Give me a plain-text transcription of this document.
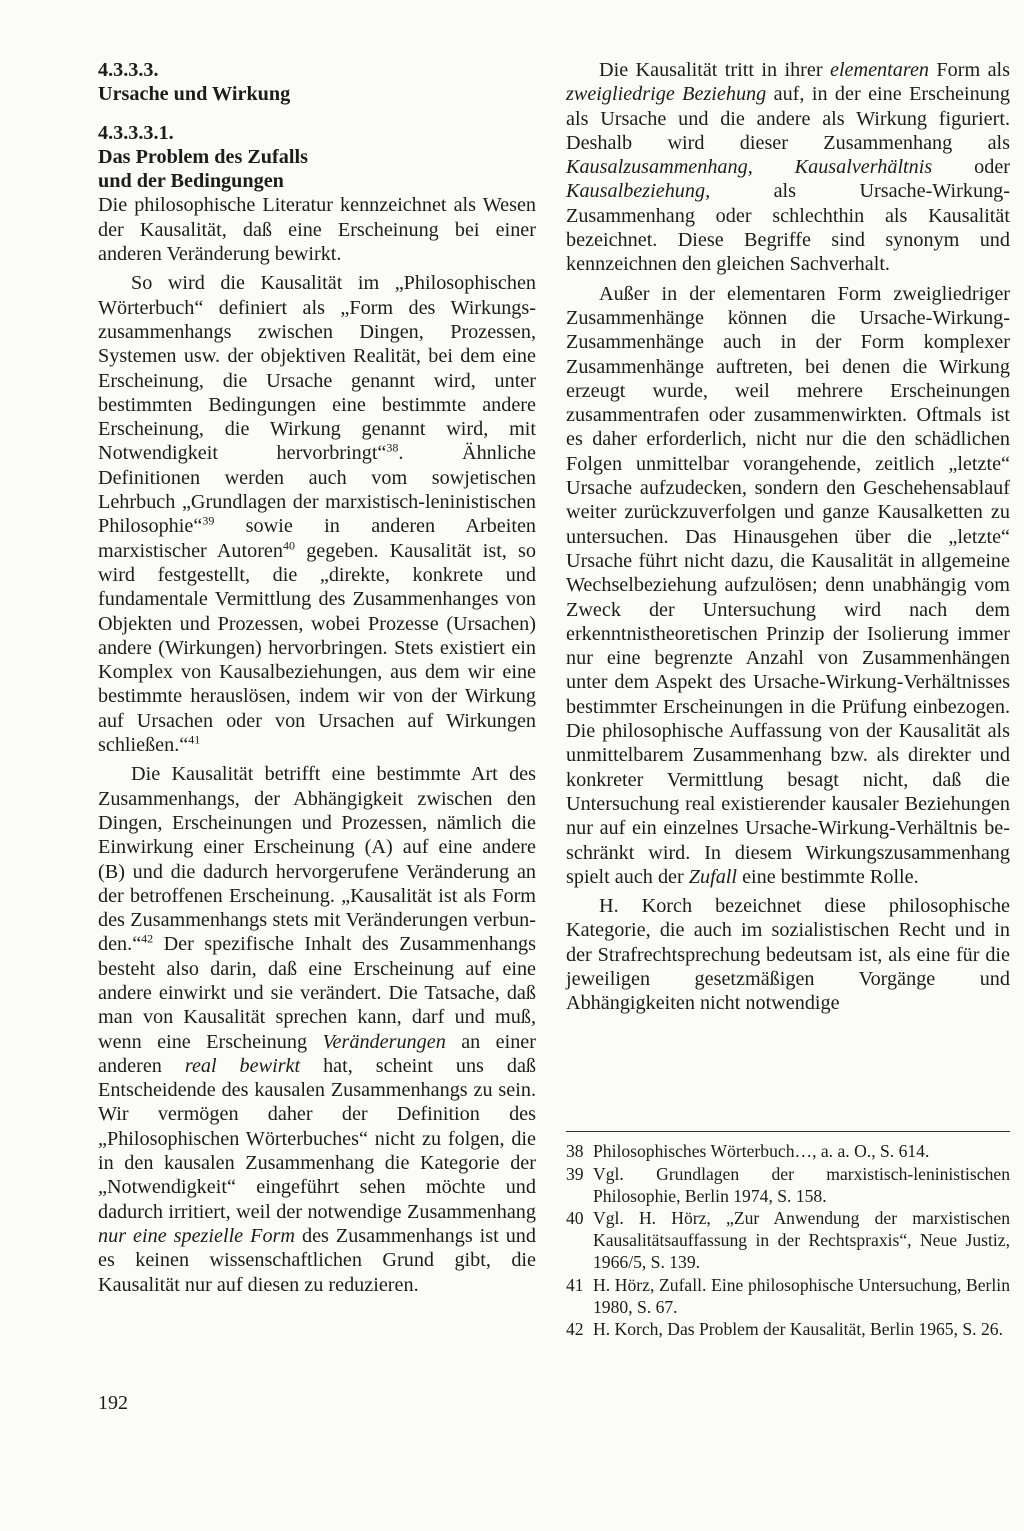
4.3.3.3.

Ursache und Wirkung

4.3.3.3.1.

Das Problem des Zufalls

und der Bedingungen

Die philosophische Literatur kennzeichnet als Wesen der Kausalität, daß eine Erscheinung bei einer anderen Veränderung bewirkt.

So wird die Kausalität im „Philosophischen Wörterbuch“ definiert als „Form des Wirkungszusammenhangs zwischen Dingen, Prozessen, Systemen usw. der objektiven Realität, bei dem eine Erscheinung, die Ursache genannt wird, unter bestimmten Bedingungen eine bestimmte andere Erscheinung, die Wirkung genannt wird, mit Notwendigkeit hervorbringt“$^{38}$. Ähnliche Definitionen werden auch vom sowjetischen Lehrbuch „Grundlagen der marxistisch-leninistischen Philosophie“$^{39}$ sowie in anderen Arbeiten marxistischer Autoren$^{40}$ gegeben. Kausalität ist, so wird festgestellt, die „direkte, konkrete und fundamentale Vermittlung des Zusammenhanges von Objekten und Prozessen, wobei Prozesse (Ursachen) andere (Wirkungen) hervorbringen. Stets existiert ein Komplex von Kausalbeziehungen, aus dem wir eine bestimmte herauslösen, indem wir von der Wirkung auf Ursachen oder von Ursachen auf Wirkungen schließen.“$^{41}$

Die Kausalität betrifft eine bestimmte Art des Zusammenhangs, der Abhängigkeit zwischen den Dingen, Erscheinungen und Prozessen, nämlich die Einwirkung einer Erscheinung (A) auf eine andere (B) und die dadurch hervorgerufene Veränderung an der betroffenen Erscheinung. „Kausalität ist als Form des Zusammenhangs stets mit Veränderungen verbunden.“$^{42}$ Der spezifische Inhalt des Zusammenhangs besteht also darin, daß eine Erscheinung auf eine andere einwirkt und sie verändert. Die Tatsache, daß man von Kausalität sprechen kann, darf und muß, wenn eine Erscheinung Veränderungen an einer anderen real bewirkt hat, scheint uns daß Entscheidende des kausalen Zusammenhangs zu sein. Wir vermögen daher der Definition des „Philosophischen Wörterbuches“ nicht zu folgen, die in den kausalen Zusammenhang die Kategorie der „Notwendigkeit“ eingeführt sehen möchte und dadurch irritiert, weil der notwendige Zusammenhang nur eine spezielle Form des Zusammenhangs ist und es keinen wissenschaftlichen Grund gibt, die Kausalität nur auf diesen zu reduzieren.

Die Kausalität tritt in ihrer elementaren Form als zweigliedrige Beziehung auf, in der eine Erscheinung als Ursache und die andere als Wirkung figuriert. Deshalb wird dieser Zusammenhang als Kausalzusammenhang, Kausalverhältnis oder Kausalbeziehung, als Ursache-Wirkung-Zusammenhang oder schlechthin als Kausalität bezeichnet. Diese Begriffe sind synonym und kennzeichnen den gleichen Sachverhalt.

Außer in der elementaren Form zweigliedriger Zusammenhänge können die Ursache-Wirkung-Zusammenhänge auch in der Form komplexer Zusammenhänge auftreten, bei denen die Wirkung erzeugt wurde, weil mehrere Erscheinungen zusammentrafen oder zusammenwirkten. Oftmals ist es daher erforderlich, nicht nur die den schädlichen Folgen unmittelbar vorangehende, zeitlich „letzte“ Ursache aufzudecken, sondern den Geschehensablauf weiter zurückzuverfolgen und ganze Kausalketten zu untersuchen. Das Hinausgehen über die „letzte“ Ursache führt nicht dazu, die Kausalität in allgemeine Wechselbeziehung aufzulösen; denn unabhängig vom Zweck der Untersuchung wird nach dem erkenntnistheoretischen Prinzip der Isolierung immer nur eine begrenzte Anzahl von Zusammenhängen unter dem Aspekt des Ursache-Wirkung-Verhältnisses bestimmter Erscheinungen in die Prüfung einbezogen. Die philosophische Auffassung von der Kausalität als unmittelbarem Zusammenhang bzw. als direkter und konkreter Vermittlung besagt nicht, daß die Untersuchung real existierender kausaler Beziehungen nur auf ein einzelnes Ursache-Wirkung-Verhältnis beschränkt wird. In diesem Wirkungszusammenhang spielt auch der Zufall eine bestimmte Rolle.

H. Korch bezeichnet diese philosophische Kategorie, die auch im sozialistischen Recht und in der Strafrechtsprechung bedeutsam ist, als eine für die jeweiligen gesetzmäßigen Vorgänge und Abhängigkeiten nicht notwendige

38 Philosophisches Wörterbuch…, a. a. O., S. 614.

39 Vgl. Grundlagen der marxistisch-leninistischen Philosophie, Berlin 1974, S. 158.

40 Vgl. H. Hörz, „Zur Anwendung der marxistischen Kausalitätsauffassung in der Rechtspraxis“, Neue Justiz, 1966/5, S. 139.

41 H. Hörz, Zufall. Eine philosophische Untersuchung, Berlin 1980, S. 67.

42 H. Korch, Das Problem der Kausalität, Berlin 1965, S. 26.

192
